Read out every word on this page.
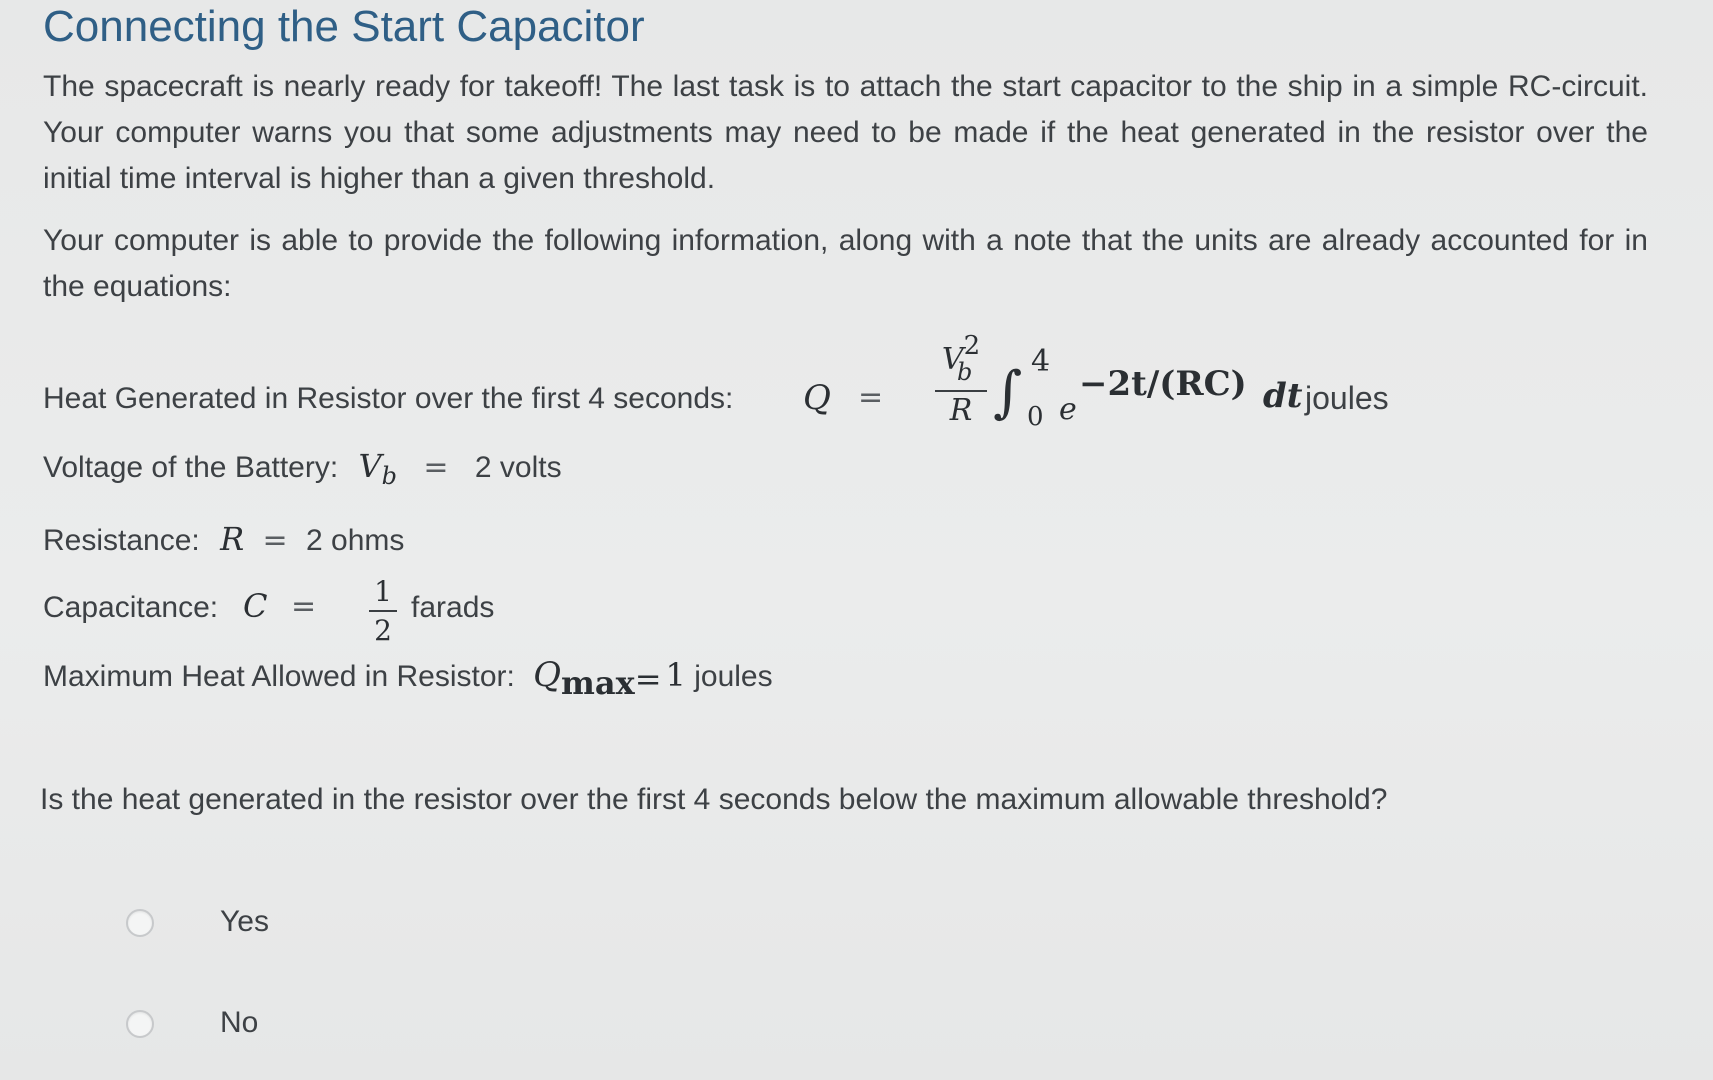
Connecting the Start Capacitor
The spacecraft is nearly ready for takeoff! The last task is to attach the start capacitor to the ship in a simple RC-circuit. Your computer warns you that some adjustments may need to be made if the heat generated in the resistor over the initial time interval is higher than a given threshold.
Your computer is able to provide the following information, along with a note that the units are already accounted for in the equations:
Heat Generated in Resistor over the first 4 seconds: Q =
$V^2$
b
R ∫ 4
0 e
−2t/(RC) dt joules
Voltage of the Battery: $V_b = 2$ volts
Resistance: R = 2 ohms
Capacitance: C = 1
2
farads
Maximum Heat Allowed in Resistor: Qmax= 1 joules
Is the heat generated in the resistor over the first 4 seconds below the maximum allowable threshold?
Yes
No
